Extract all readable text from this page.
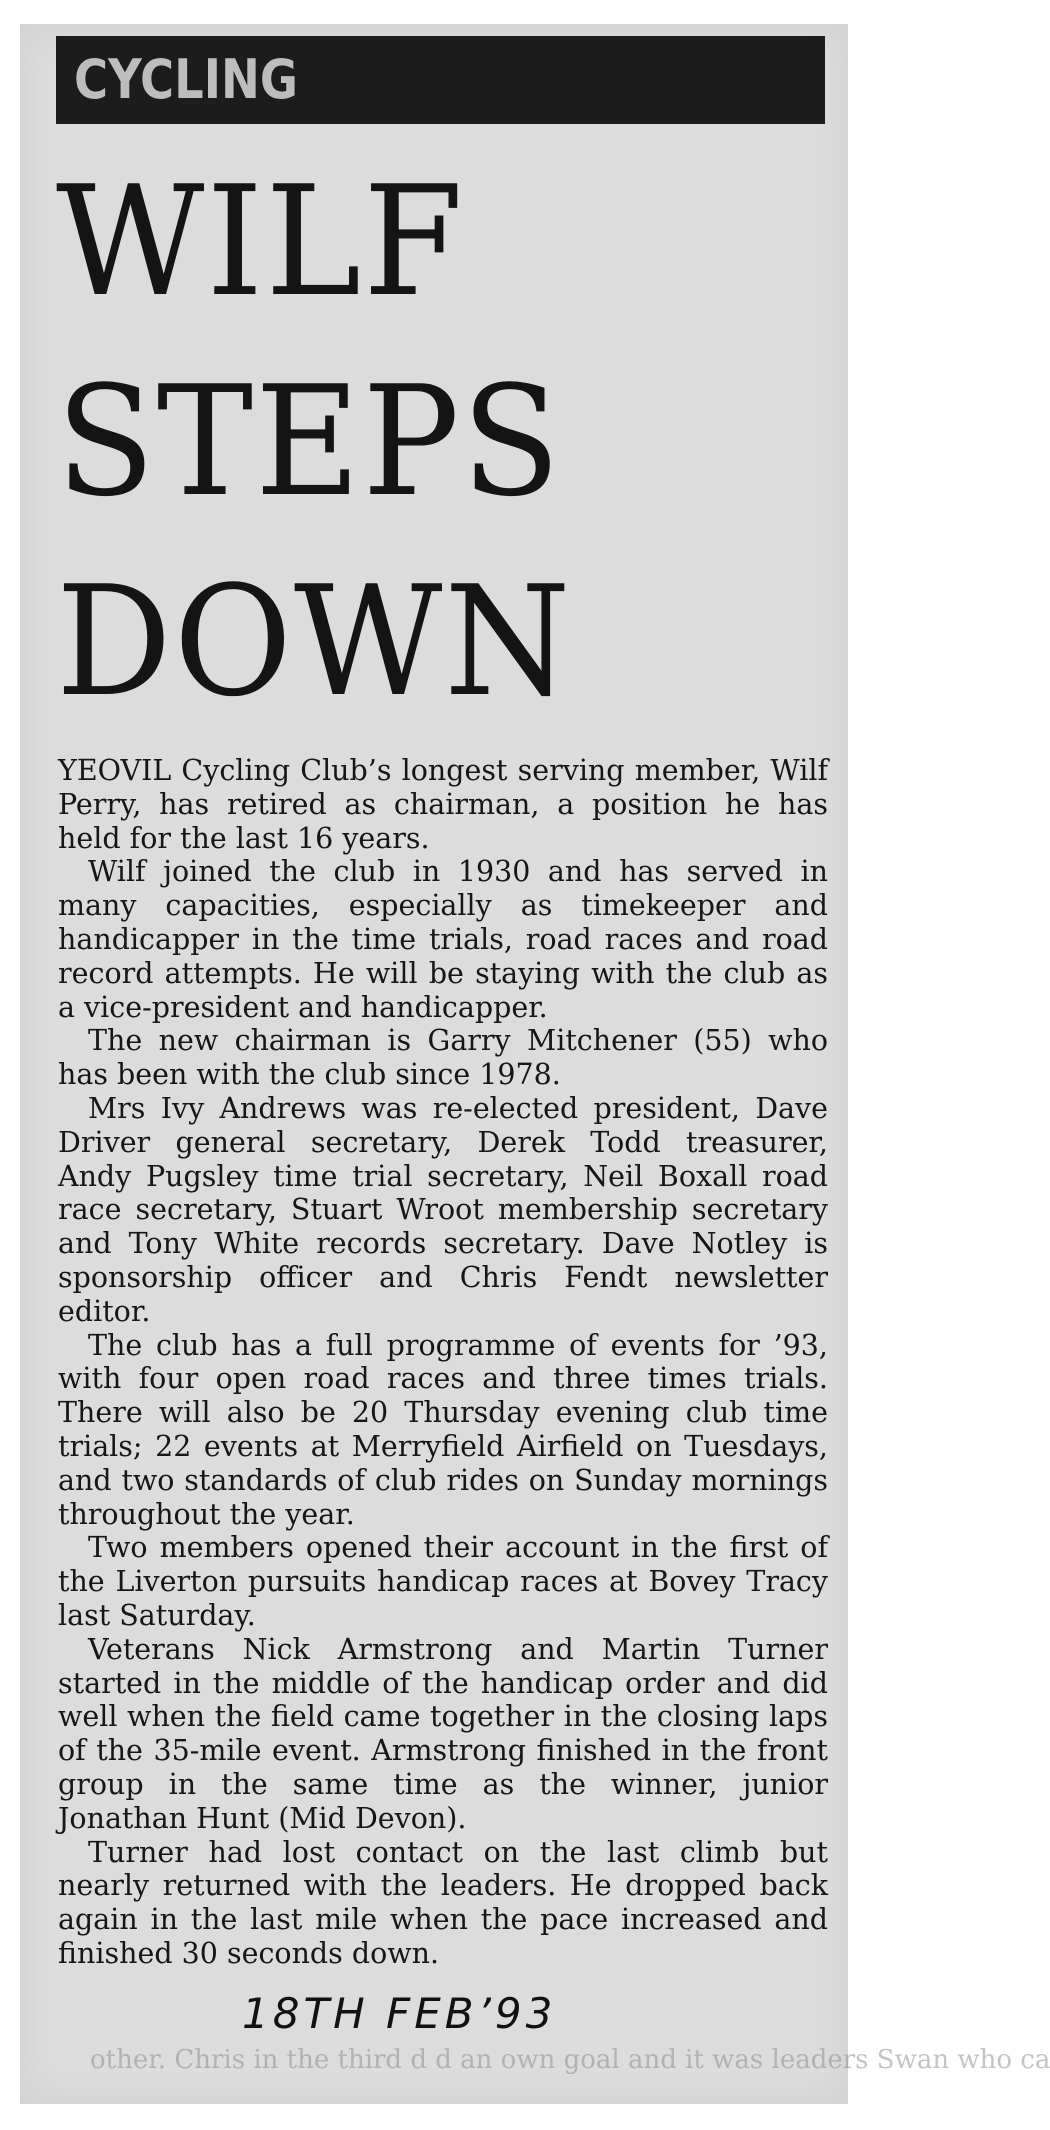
CYCLING
WILF
STEPS
DOWN

YEOVIL Cycling Club’s longest serving member, Wilf Perry, has retired as chairman, a position he has held for the last 16 years.

Wilf joined the club in 1930 and has served in many capacities, especially as timekeeper and handicapper in the time trials, road races and road record attempts. He will be staying with the club as a vice-president and handicapper.

The new chairman is Garry Mitchener (55) who has been with the club since 1978.

Mrs Ivy Andrews was re-elected president, Dave Driver general secretary, Derek Todd treasurer, Andy Pugsley time trial secretary, Neil Boxall road race secretary, Stuart Wroot membership secretary and Tony White records secretary. Dave Notley is sponsorship officer and Chris Fendt newsletter editor.

The club has a full programme of events for ’93, with four open road races and three times trials. There will also be 20 Thursday evening club time trials; 22 events at Merryfield Airfield on Tuesdays, and two standards of club rides on Sunday mornings throughout the year.

Two members opened their account in the first of the Liverton pursuits handicap races at Bovey Tracy last Saturday.

Veterans Nick Armstrong and Martin Turner started in the middle of the handicap order and did well when the field came together in the closing laps of the 35-mile event. Armstrong finished in the front group in the same time as the winner, junior Jonathan Hunt (Mid Devon).

Turner had lost contact on the last climb but nearly returned with the leaders. He dropped back again in the last mile when the pace increased and finished 30 seconds down.

18TH FEB’93
other. Chris in the third d d an own goal and it was leaders Swan who ca
